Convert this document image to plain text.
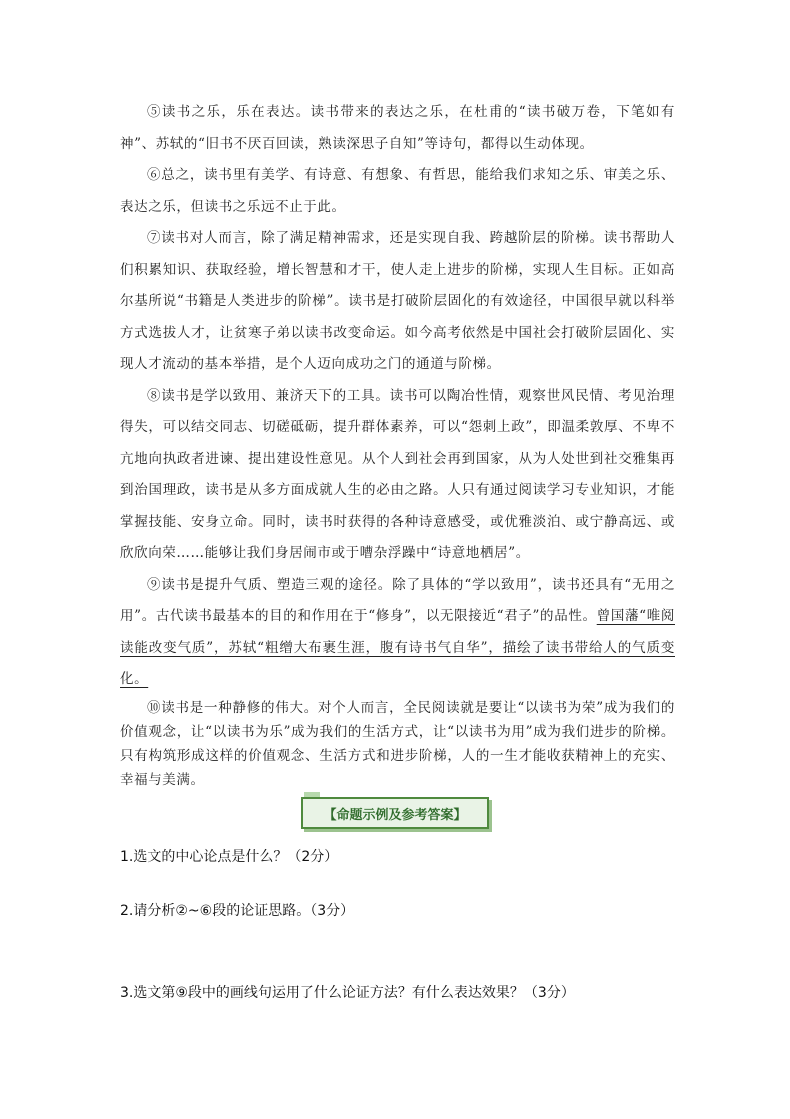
⑤读书之乐，乐在表达。读书带来的表达之乐，在杜甫的“读书破万卷，下笔如有神”、苏轼的“旧书不厌百回读，熟读深思子自知”等诗句，都得以生动体现。

⑥总之，读书里有美学、有诗意、有想象、有哲思，能给我们求知之乐、审美之乐、表达之乐，但读书之乐远不止于此。

⑦读书对人而言，除了满足精神需求，还是实现自我、跨越阶层的阶梯。读书帮助人们积累知识、获取经验，增长智慧和才干，使人走上进步的阶梯，实现人生目标。正如高尔基所说“书籍是人类进步的阶梯”。读书是打破阶层固化的有效途径，中国很早就以科举方式选拔人才，让贫寒子弟以读书改变命运。如今高考依然是中国社会打破阶层固化、实现人才流动的基本举措，是个人迈向成功之门的通道与阶梯。

⑧读书是学以致用、兼济天下的工具。读书可以陶冶性情，观察世风民情、考见治理得失，可以结交同志、切磋砥砺，提升群体素养，可以“怨刺上政”，即温柔敦厚、不卑不亢地向执政者进谏、提出建设性意见。从个人到社会再到国家，从为人处世到社交雅集再到治国理政，读书是从多方面成就人生的必由之路。人只有通过阅读学习专业知识，才能掌握技能、安身立命。同时，读书时获得的各种诗意感受，或优雅淡泊、或宁静高远、或欣欣向荣……能够让我们身居闹市或于嘈杂浮躁中“诗意地栖居”。

⑨读书是提升气质、塑造三观的途径。除了具体的“学以致用”，读书还具有“无用之用”。古代读书最基本的目的和作用在于“修身”，以无限接近“君子”的品性。曾国藩“唯阅读能改变气质”，苏轼“粗缯大布裹生涯，腹有诗书气自华”，描绘了读书带给人的气质变化。

⑩读书是一种静修的伟大。对个人而言，全民阅读就是要让“以读书为荣”成为我们的价值观念，让“以读书为乐”成为我们的生活方式，让“以读书为用”成为我们进步的阶梯。只有构筑形成这样的价值观念、生活方式和进步阶梯，人的一生才能收获精神上的充实、幸福与美满。

【命题示例及参考答案】

1.选文的中心论点是什么？（2分）

2.请分析②~⑥段的论证思路。（3分）

3.选文第⑨段中的画线句运用了什么论证方法？有什么表达效果？（3分）
